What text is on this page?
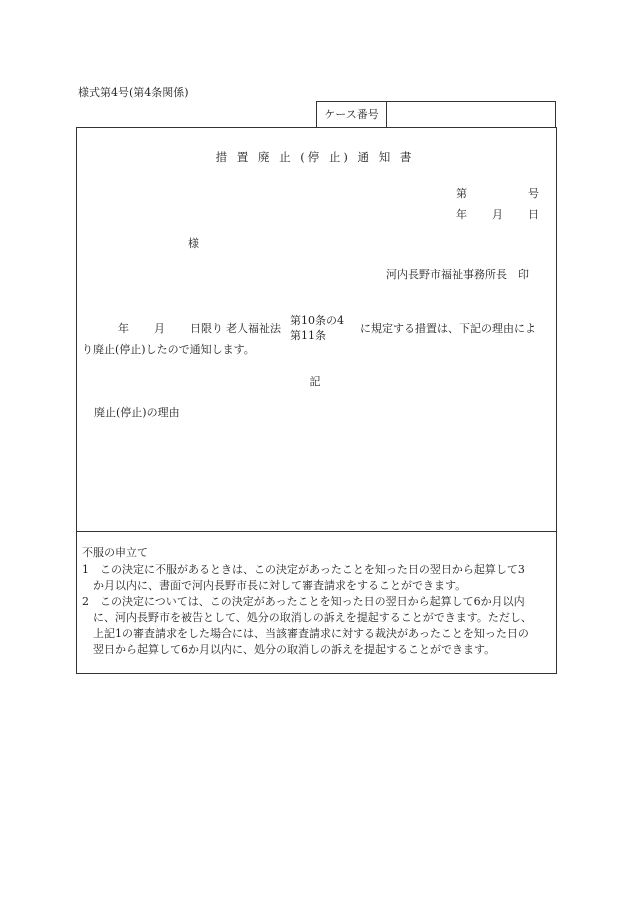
様式第4号(第4条関係)
ケース番号
措 置 廃 止 (停 止) 通 知 書
第	号
年 月 日
様
河内長野市福祉事務所長　印
年 月 日限り 老人福祉法
第10条の4
第11条
に規定する措置は、下記の理由によ
り廃止(停止)したので通知します。
記
廃止(停止)の理由
不服の申立て
1　この決定に不服があるときは、この決定があったことを知った日の翌日から起算して3
　か月以内に、書面で河内長野市長に対して審査請求をすることができます。
2　この決定については、この決定があったことを知った日の翌日から起算して6か月以内
　に、河内長野市を被告として、処分の取消しの訴えを提起することができます。ただし、
　上記1の審査請求をした場合には、当該審査請求に対する裁決があったことを知った日の
　翌日から起算して6か月以内に、処分の取消しの訴えを提起することができます。
